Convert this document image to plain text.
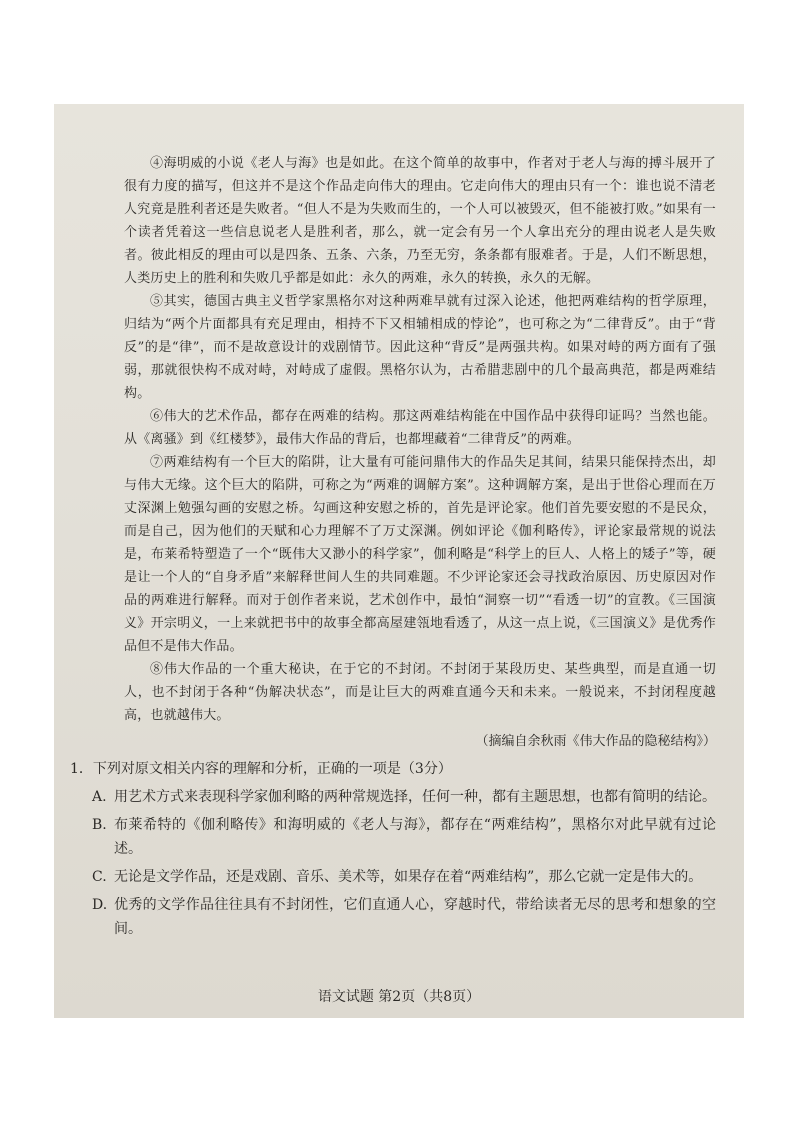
④海明威的小说《老人与海》也是如此。在这个简单的故事中，作者对于老人与海的搏斗展开了很有力度的描写，但这并不是这个作品走向伟大的理由。它走向伟大的理由只有一个：谁也说不清老人究竟是胜利者还是失败者。“但人不是为失败而生的，一个人可以被毁灭，但不能被打败。”如果有一个读者凭着这一些信息说老人是胜利者，那么，就一定会有另一个人拿出充分的理由说老人是失败者。彼此相反的理由可以是四条、五条、六条，乃至无穷，条条都有服难者。于是，人们不断思想，人类历史上的胜利和失败几乎都是如此：永久的两难，永久的转换，永久的无解。

⑤其实，德国古典主义哲学家黑格尔对这种两难早就有过深入论述，他把两难结构的哲学原理，归结为“两个片面都具有充足理由，相持不下又相辅相成的悖论”，也可称之为“二律背反”。由于“背反”的是“律”，而不是故意设计的戏剧情节。因此这种“背反”是两强共构。如果对峙的两方面有了强弱，那就很快构不成对峙，对峙成了虚假。黑格尔认为，古希腊悲剧中的几个最高典范，都是两难结构。

⑥伟大的艺术作品，都存在两难的结构。那这两难结构能在中国作品中获得印证吗？当然也能。从《离骚》到《红楼梦》，最伟大作品的背后，也都埋藏着“二律背反”的两难。

⑦两难结构有一个巨大的陷阱，让大量有可能问鼎伟大的作品失足其间，结果只能保持杰出，却与伟大无缘。这个巨大的陷阱，可称之为“两难的调解方案”。这种调解方案，是出于世俗心理而在万丈深渊上勉强勾画的安慰之桥。勾画这种安慰之桥的，首先是评论家。他们首先要安慰的不是民众，而是自己，因为他们的天赋和心力理解不了万丈深渊。例如评论《伽利略传》，评论家最常规的说法是，布莱希特塑造了一个“既伟大又渺小的科学家”，伽利略是“科学上的巨人、人格上的矮子”等，硬是让一个人的“自身矛盾”来解释世间人生的共同难题。不少评论家还会寻找政治原因、历史原因对作品的两难进行解释。而对于创作者来说，艺术创作中，最怕“洞察一切”“看透一切”的宣教。《三国演义》开宗明义，一上来就把书中的故事全都高屋建瓴地看透了，从这一点上说，《三国演义》是优秀作品但不是伟大作品。

⑧伟大作品的一个重大秘诀，在于它的不封闭。不封闭于某段历史、某些典型，而是直通一切人，也不封闭于各种“伪解决状态”，而是让巨大的两难直通今天和未来。一般说来，不封闭程度越高，也就越伟大。

（摘编自余秋雨《伟大作品的隐秘结构》）

1．下列对原文相关内容的理解和分析，正确的一项是（3分）

A. 用艺术方式来表现科学家伽利略的两种常规选择，任何一种，都有主题思想，也都有简明的结论。
B. 布莱希特的《伽利略传》和海明威的《老人与海》，都存在“两难结构”，黑格尔对此早就有过论述。
C. 无论是文学作品，还是戏剧、音乐、美术等，如果存在着“两难结构”，那么它就一定是伟大的。
D. 优秀的文学作品往往具有不封闭性，它们直通人心，穿越时代，带给读者无尽的思考和想象的空间。
语文试题 第2页（共8页）
